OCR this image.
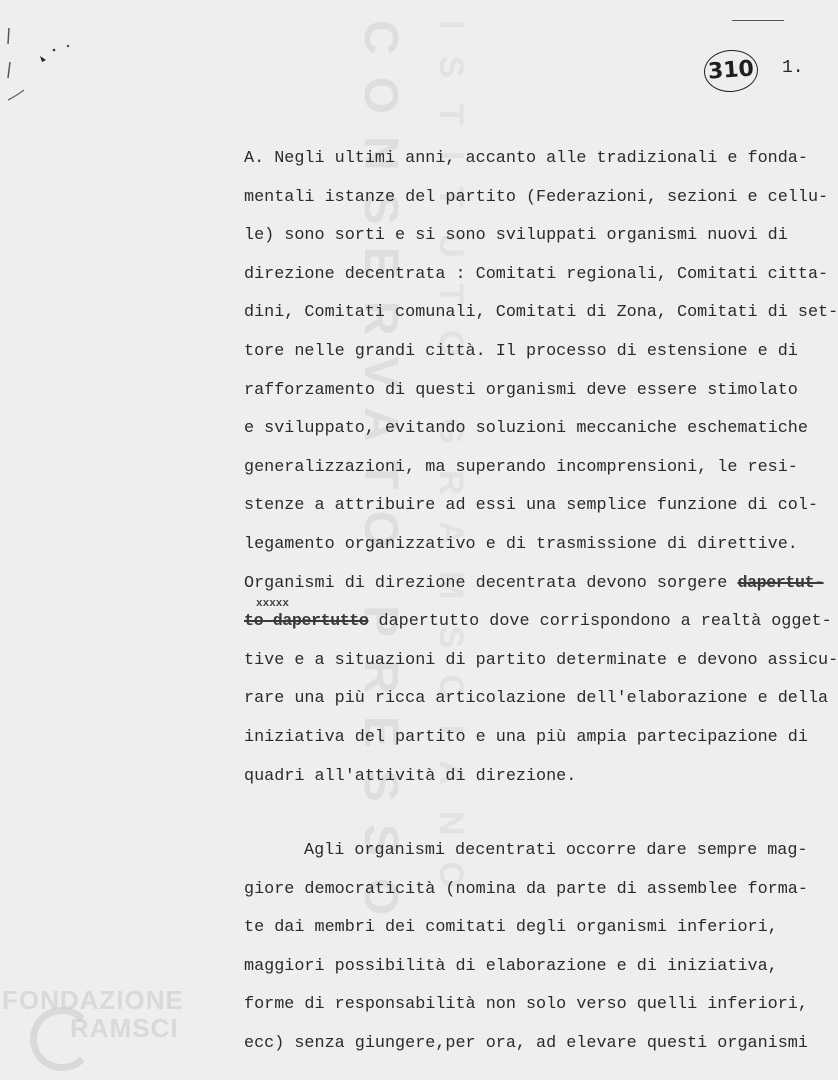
CONSERVATO PRESSO ISTITUTO GRAMSCIANO
FONDAZIONE
RAMSCI
310 1.
A. Negli ultimi anni, accanto alle tradizionali e fonda-
mentali istanze del partito (Federazioni, sezioni e cellu-
le) sono sorti e si sono sviluppati organismi nuovi di
direzione decentrata : Comitati regionali, Comitati citta-
dini, Comitati comunali, Comitati di Zona, Comitati di set-
tore nelle grandi città. Il processo di estensione e di
rafforzamento di questi organismi deve essere stimolato
e sviluppato, evitando soluzioni meccaniche eschematiche
generalizzazioni, ma superando incomprensioni, le resi-
stenze a attribuire ad essi una semplice funzione di col-
legamento organizzativo e di trasmissione di direttive.
Organismi di direzione decentrata devono sorgere dapertut-
to dapertutto
xxxxx
dapertutto dove corrispondono a realtà ogget-
tive e a situazioni di partito determinate e devono assicu-
rare una più ricca articolazione dell'elaborazione e della
iniziativa del partito e una più ampia partecipazione di
quadri all'attività di direzione.
Agli organismi decentrati occorre dare sempre mag-
giore democraticità (nomina da parte di assemblee forma-
te dai membri dei comitati degli organismi inferiori,
maggiori possibilità di elaborazione e di iniziativa,
forme di responsabilità non solo verso quelli inferiori,
ecc) senza giungere,per ora, ad elevare questi organismi
